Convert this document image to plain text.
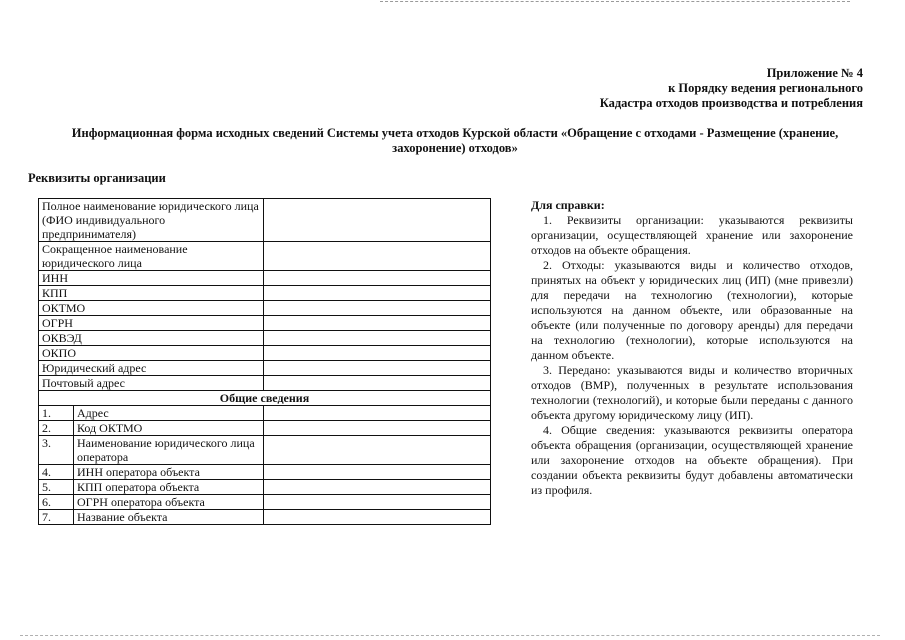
Приложение № 4
к Порядку ведения регионального
Кадастра отходов производства и потребления
Информационная форма исходных сведений Системы учета отходов Курской области «Обращение с отходами - Размещение (хранение, захоронение) отходов»
Реквизиты организации
Полное наименование юридического лица (ФИО индивидуального предпринимателя)		
Сокращенное наименование юридического лица		
ИНН		
КПП		
ОКТМО		
ОГРН		
ОКВЭД		
ОКПО		
Юридический адрес		
Почтовый адрес		
Общие сведения		
1.	Адрес	
2.	Код ОКТМО	
3.	Наименование юридического лица оператора	
4.	ИНН оператора объекта	
5.	КПП оператора объекта	
6.	ОГРН оператора объекта	
7.	Название объекта	
Для справки:

1. Реквизиты организации: указываются реквизиты организации, осуществляющей хранение или захоронение отходов на объекте обращения.

2. Отходы: указываются виды и количество отходов, принятых на объект у юридических лиц (ИП) (мне привезли) для передачи на технологию (технологии), которые используются на данном объекте, или образованные на объекте (или полученные по договору аренды) для передачи на технологию (технологии), которые используются на данном объекте.

3. Передано: указываются виды и количество вторичных отходов (ВМР), полученных в результате использования технологии (технологий), и которые были переданы с данного объекта другому юридическому лицу (ИП).

4. Общие сведения: указываются реквизиты оператора объекта обращения (организации, осуществляющей хранение или захоронение отходов на объекте обращения). При создании объекта реквизиты будут добавлены автоматически из профиля.
